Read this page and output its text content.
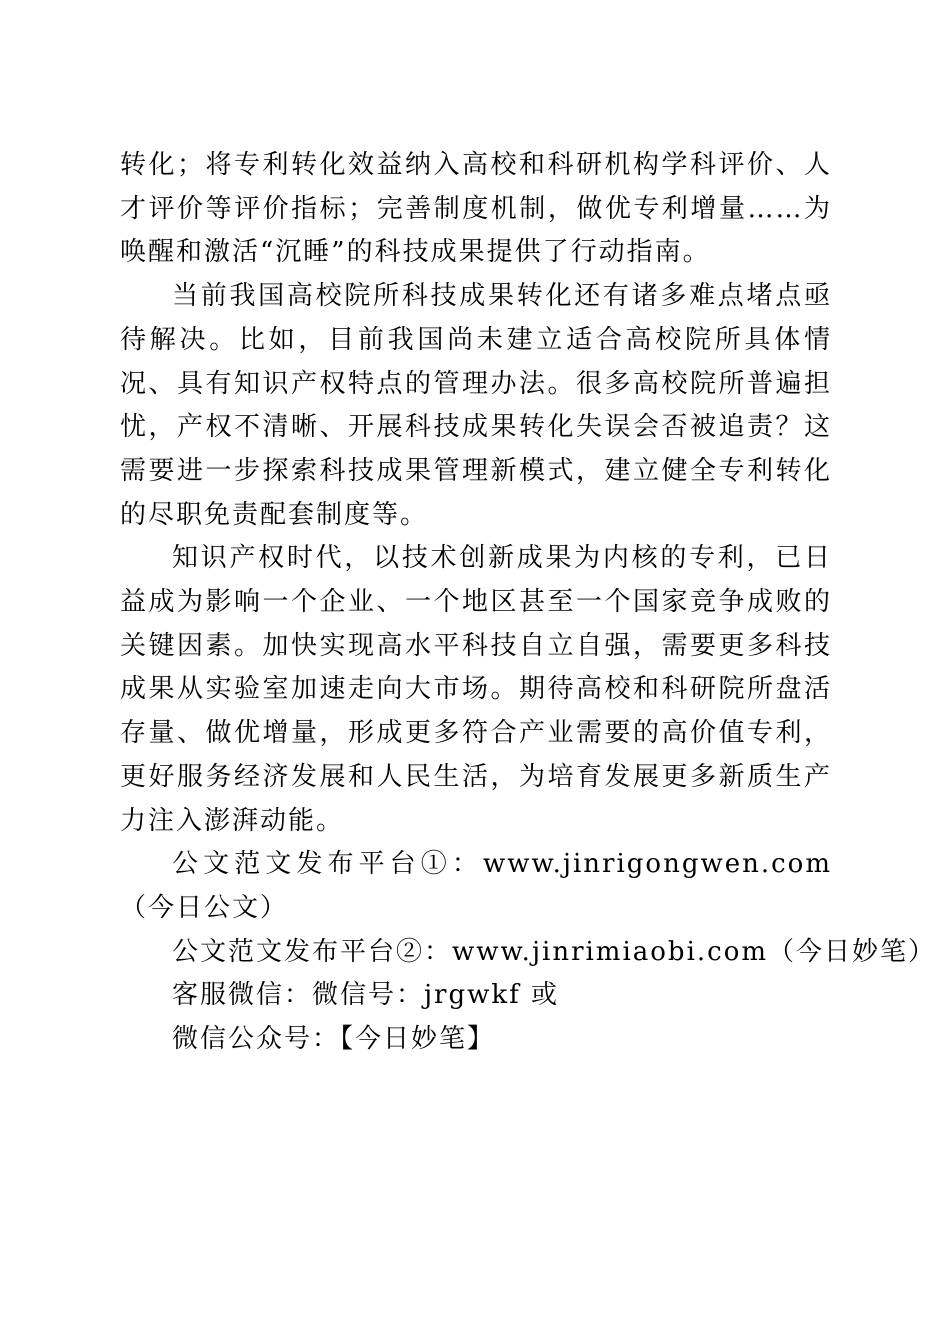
转化；将专利转化效益纳入高校和科研机构学科评价、人才评价等评价指标；完善制度机制，做优专利增量……为唤醒和激活“沉睡”的科技成果提供了行动指南。

当前我国高校院所科技成果转化还有诸多难点堵点亟待解决。比如，目前我国尚未建立适合高校院所具体情况、具有知识产权特点的管理办法。很多高校院所普遍担忧，产权不清晰、开展科技成果转化失误会否被追责？这需要进一步探索科技成果管理新模式，建立健全专利转化的尽职免责配套制度等。

知识产权时代，以技术创新成果为内核的专利，已日益成为影响一个企业、一个地区甚至一个国家竞争成败的关键因素。加快实现高水平科技自立自强，需要更多科技成果从实验室加速走向大市场。期待高校和科研院所盘活存量、做优增量，形成更多符合产业需要的高价值专利，更好服务经济发展和人民生活，为培育发展更多新质生产力注入澎湃动能。

公文范文发布平台①：www.jinrigongwen.com（今日公文）

公文范文发布平台②：www.jinrimiaobi.com（今日妙笔）

客服微信：微信号：jrgwkf 或

微信公众号：【今日妙笔】
